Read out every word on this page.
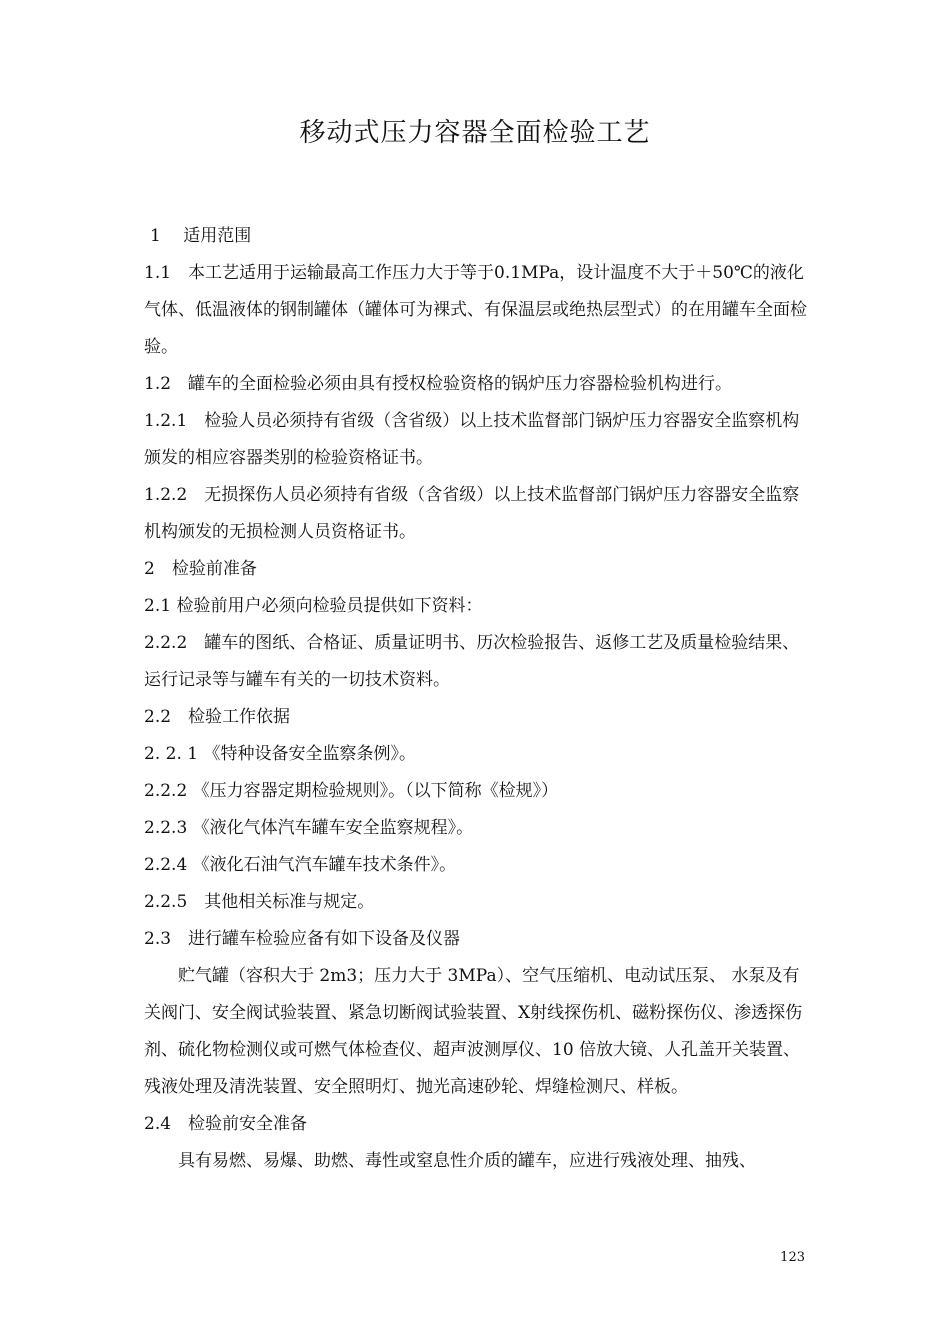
移动式压力容器全面检验工艺

1　 适用范围

1.1　本工艺适用于运输最高工作压力大于等于0.1MPa，设计温度不大于＋50℃的液化气体、低温液体的钢制罐体（罐体可为裸式、有保温层或绝热层型式）的在用罐车全面检验。

1.2　罐车的全面检验必须由具有授权检验资格的锅炉压力容器检验机构进行。

1.2.1　检验人员必须持有省级（含省级）以上技术监督部门锅炉压力容器安全监察机构颁发的相应容器类别的检验资格证书。

1.2.2　无损探伤人员必须持有省级（含省级）以上技术监督部门锅炉压力容器安全监察机构颁发的无损检测人员资格证书。

2　检验前准备

2.1 检验前用户必须向检验员提供如下资料：

2.2.2　罐车的图纸、合格证、质量证明书、历次检验报告、返修工艺及质量检验结果、运行记录等与罐车有关的一切技术资料。

2.2　检验工作依据

2. 2. 1 《特种设备安全监察条例》。

2.2.2 《压力容器定期检验规则》。（以下简称《检规》）

2.2.3 《液化气体汽车罐车安全监察规程》。

2.2.4 《液化石油气汽车罐车技术条件》。

2.2.5　其他相关标准与规定。

2.3　进行罐车检验应备有如下设备及仪器

贮气罐（容积大于 2m3；压力大于 3MPa）、空气压缩机、电动试压泵、 水泵及有关阀门、安全阀试验装置、紧急切断阀试验装置、X射线探伤机、磁粉探伤仪、渗透探伤剂、硫化物检测仪或可燃气体检查仪、超声波测厚仪、10 倍放大镜、人孔盖开关装置、残液处理及清洗装置、安全照明灯、抛光高速砂轮、焊缝检测尺、样板。

2.4　检验前安全准备

具有易燃、易爆、助燃、毒性或窒息性介质的罐车，应进行残液处理、抽残、

123
